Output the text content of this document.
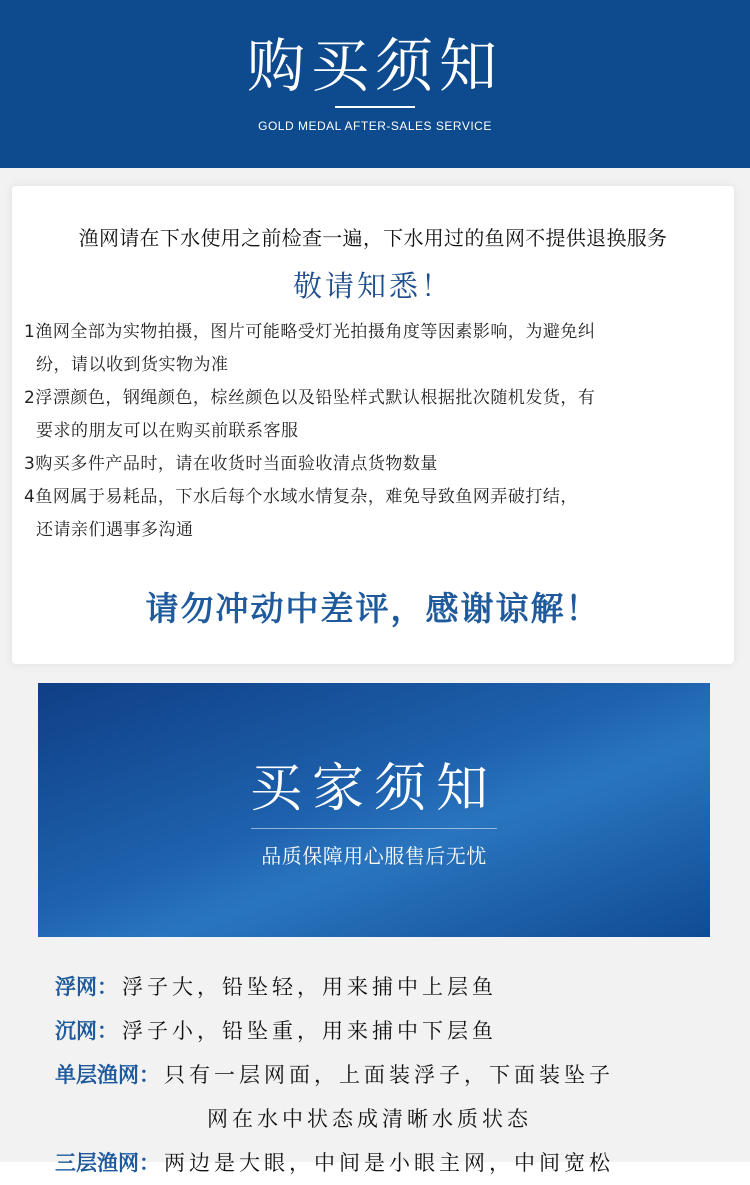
购买须知
GOLD MEDAL AFTER-SALES SERVICE
渔网请在下水使用之前检查一遍，下水用过的鱼网不提供退换服务
敬请知悉！
1渔网全部为实物拍摄，图片可能略受灯光拍摄角度等因素影响，为避免纠
纷，请以收到货实物为准
2浮漂颜色，钢绳颜色，棕丝颜色以及铅坠样式默认根据批次随机发货，有
要求的朋友可以在购买前联系客服
3购买多件产品时，请在收货时当面验收清点货物数量
4鱼网属于易耗品，下水后每个水域水情复杂，难免导致鱼网弄破打结，
还请亲们遇事多沟通
请勿冲动中差评，感谢谅解！
买家须知
品质保障用心服售后无忧
浮网：浮子大，铅坠轻，用来捕中上层鱼
沉网：浮子小，铅坠重，用来捕中下层鱼
单层渔网：只有一层网面，上面装浮子，下面装坠子
网在水中状态成清晰水质状态
三层渔网：两边是大眼，中间是小眼主网，中间宽松
